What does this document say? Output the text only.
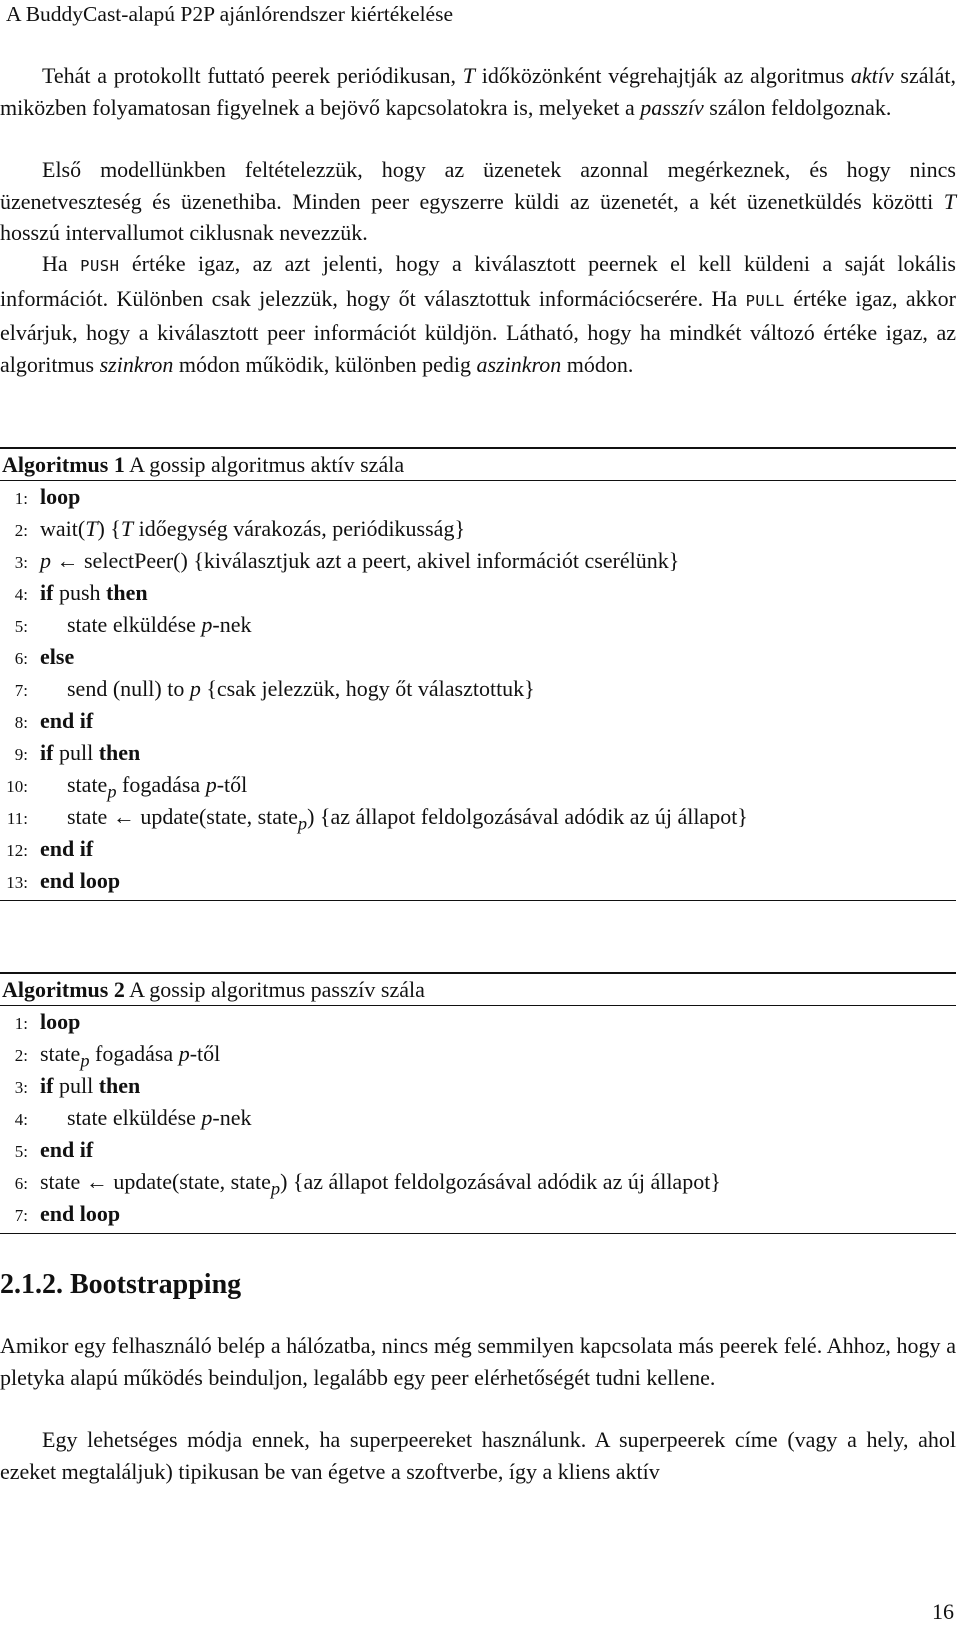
A BuddyCast-alapú P2P ajánlórendszer kiértékelése

Tehát a protokollt futtató peerek periódikusan, T időközönként végrehajtják az algoritmus aktív szálát, miközben folyamatosan figyelnek a bejövő kapcsolatokra is, melyeket a passzív szálon feldolgoznak.

Első modellünkben feltételezzük, hogy az üzenetek azonnal megérkeznek, és hogy nincs üzenetveszteség és üzenethiba. Minden peer egyszerre küldi az üzenetét, a két üzenetküldés közötti T hosszú intervallumot ciklusnak nevezzük.

Ha PUSH értéke igaz, az azt jelenti, hogy a kiválasztott peernek el kell küldeni a saját lokális információt. Különben csak jelezzük, hogy őt választottuk információcserére. Ha PULL értéke igaz, akkor elvárjuk, hogy a kiválasztott peer információt küldjön. Látható, hogy ha mindkét változó értéke igaz, az algoritmus szinkron módon működik, különben pedig aszinkron módon.

Algoritmus 1 A gossip algoritmus aktív szála
1: loop
2: wait(T) {T időegység várakozás, periódikusság}
3: p ← selectPeer() {kiválasztjuk azt a peert, akivel információt cserélünk}
4: if push then
5: state elküldése p-nek
6: else
7: send (null) to p {csak jelezzük, hogy őt választottuk}
8: end if
9: if pull then
10: state$_p$ fogadása p-től
11: state ← update(state, state$_p$) {az állapot feldolgozásával adódik az új állapot}
12: end if
13: end loop
Algoritmus 2 A gossip algoritmus passzív szála
1: loop
2: state$_p$ fogadása p-től
3: if pull then
4: state elküldése p-nek
5: end if
6: state ← update(state, state$_p$) {az állapot feldolgozásával adódik az új állapot}
7: end loop
2.1.2. Bootstrapping

Amikor egy felhasználó belép a hálózatba, nincs még semmilyen kapcsolata más peerek felé. Ahhoz, hogy a pletyka alapú működés beinduljon, legalább egy peer elérhetőségét tudni kellene.

Egy lehetséges módja ennek, ha superpeereket használunk. A superpeerek címe (vagy a hely, ahol ezeket megtaláljuk) tipikusan be van égetve a szoftverbe, így a kliens aktív

16
